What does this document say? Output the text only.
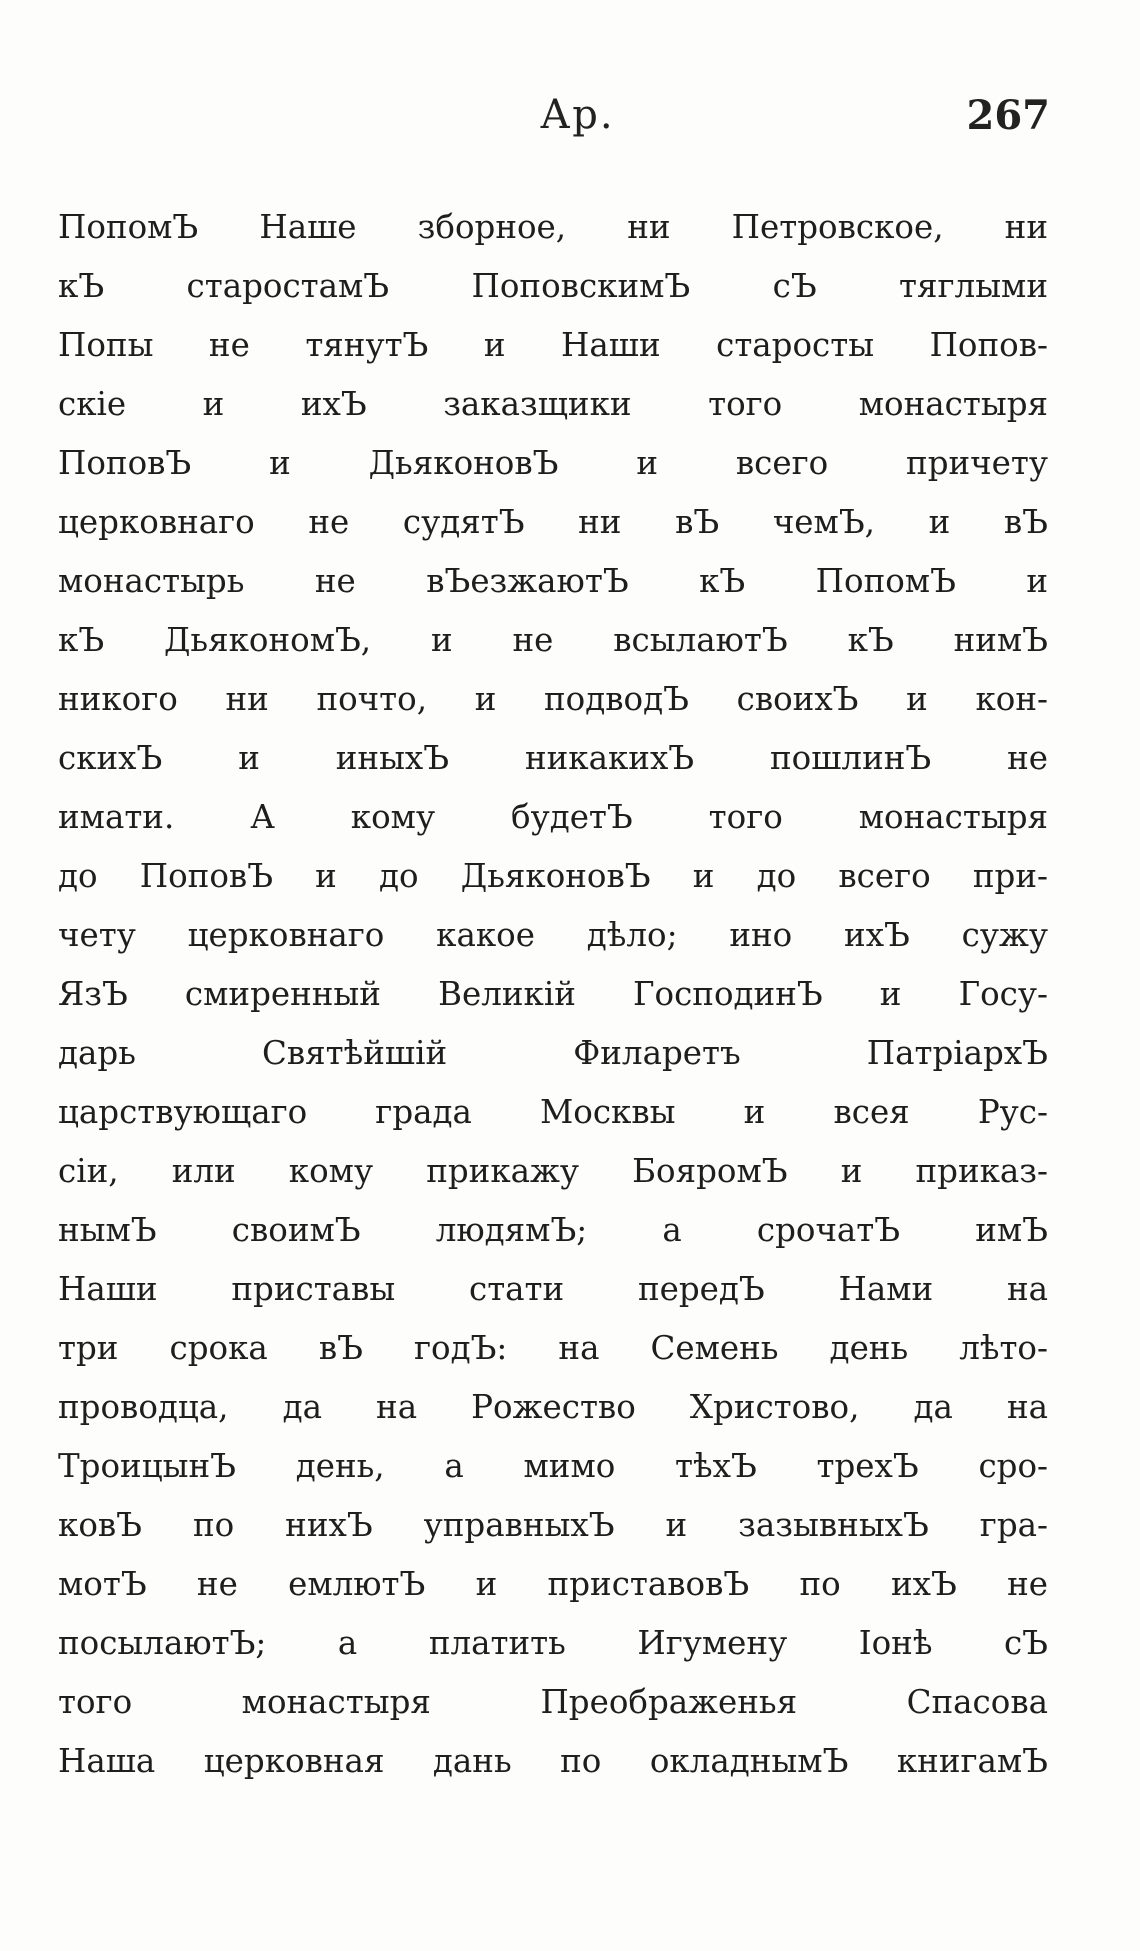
Ар.	267
ПопомЪ Наше зборное, ни Петровское, ни
кЪ старостамЪ ПоповскимЪ сЪ тяглыми
Попы не тянутЪ и Наши старосты Попов-
скіе и ихЪ заказщики того монастыря
ПоповЪ и ДьяконовЪ и всего причету
церковнаго не судятЪ ни вЪ чемЪ, и вЪ
монастырь не вЪезжаютЪ кЪ ПопомЪ и
кЪ ДьякономЪ, и не всылаютЪ кЪ нимЪ
никого ни почто, и подводЪ своихЪ и кон-
скихЪ и иныхЪ никакихЪ пошлинЪ не
имати. А кому будетЪ того монастыря
до ПоповЪ и до ДьяконовЪ и до всего при-
чету церковнаго какое дѣло; ино ихЪ сужу
ЯзЪ смиренный Великій ГосподинЪ и Госу-
дарь Святѣйшій Филаретъ ПатріархЪ
царствующаго града Москвы и всея Рус-
сіи, или кому прикажу БояромЪ и приказ-
нымЪ своимЪ людямЪ; а срочатЪ имЪ
Наши приставы стати передЪ Нами на
три срока вЪ годЪ: на Семень день лѣто-
проводца, да на Рожество Христово, да на
ТроицынЪ день, а мимо тѣхЪ трехЪ сро-
ковЪ по нихЪ управныхЪ и зазывныхЪ гра-
мотЪ не емлютЪ и приставовЪ по ихЪ не
посылаютЪ; а платить Игумену Іонѣ сЪ
того монастыря Преображенья Спасова
Наша церковная дань по окладнымЪ книгамЪ
